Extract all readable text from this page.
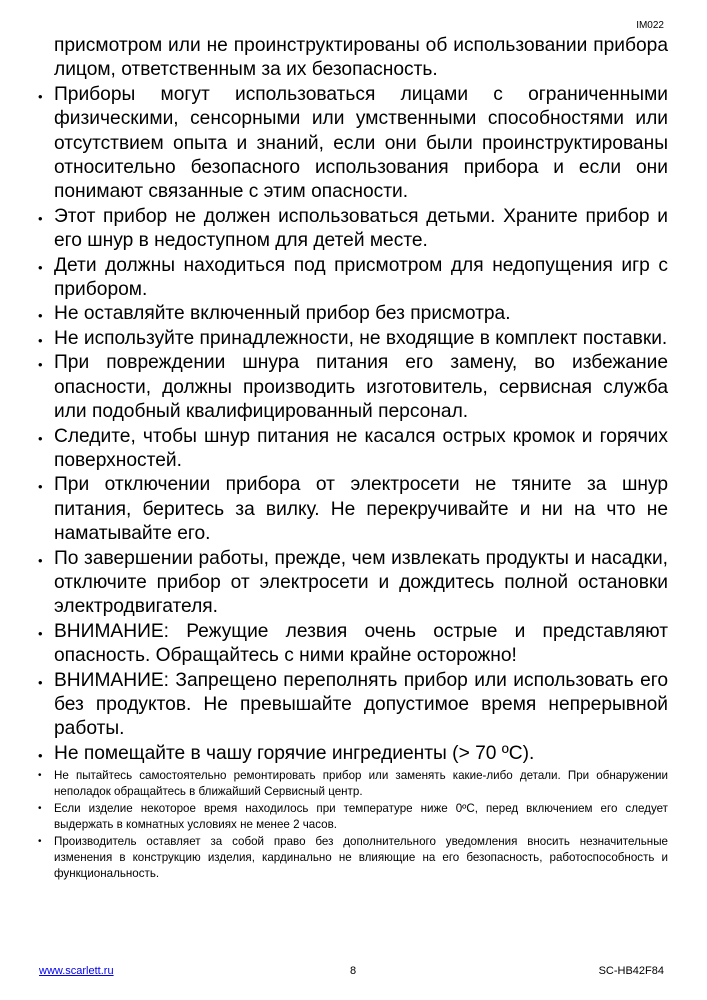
IM022

присмотром или не проинструктированы об использовании прибора лицом, ответственным за их безопасность.

• Приборы могут использоваться лицами с ограниченными физическими, сенсорными или умственными способностями или отсутствием опыта и знаний, если они были проинструктированы относительно безопасного использования прибора и если они понимают связанные с этим опасности.
• Этот прибор не должен использоваться детьми. Храните прибор и его шнур в недоступном для детей месте.
• Дети должны находиться под присмотром для недопущения игр с прибором.
• Не оставляйте включенный прибор без присмотра.
• Не используйте принадлежности, не входящие в комплект поставки.
• При повреждении шнура питания его замену, во избежание опасности, должны производить изготовитель, сервисная служба или подобный квалифицированный персонал.
• Следите, чтобы шнур питания не касался острых кромок и горячих поверхностей.
• При отключении прибора от электросети не тяните за шнур питания, беритесь за вилку. Не перекручивайте и ни на что не наматывайте его.
• По завершении работы, прежде, чем извлекать продукты и насадки, отключите прибор от электросети и дождитесь полной остановки электродвигателя.
• ВНИМАНИЕ: Режущие лезвия очень острые и представляют опасность. Обращайтесь с ними крайне осторожно!
• ВНИМАНИЕ: Запрещено переполнять прибор или использовать его без продуктов. Не превышайте допустимое время непрерывной работы.
• Не помещайте в чашу горячие ингредиенты (> 70 ºС).
• Не пытайтесь самостоятельно ремонтировать прибор или заменять какие-либо детали. При обнаружении неполадок обращайтесь в ближайший Сервисный центр.
• Если изделие некоторое время находилось при температуре ниже 0ºС, перед включением его следует выдержать в комнатных условиях не менее 2 часов.
• Производитель оставляет за собой право без дополнительного уведомления вносить незначительные изменения в конструкцию изделия, кардинально не влияющие на его безопасность, работоспособность и функциональность.
www.scarlett.ru	8	SC-HB42F84
